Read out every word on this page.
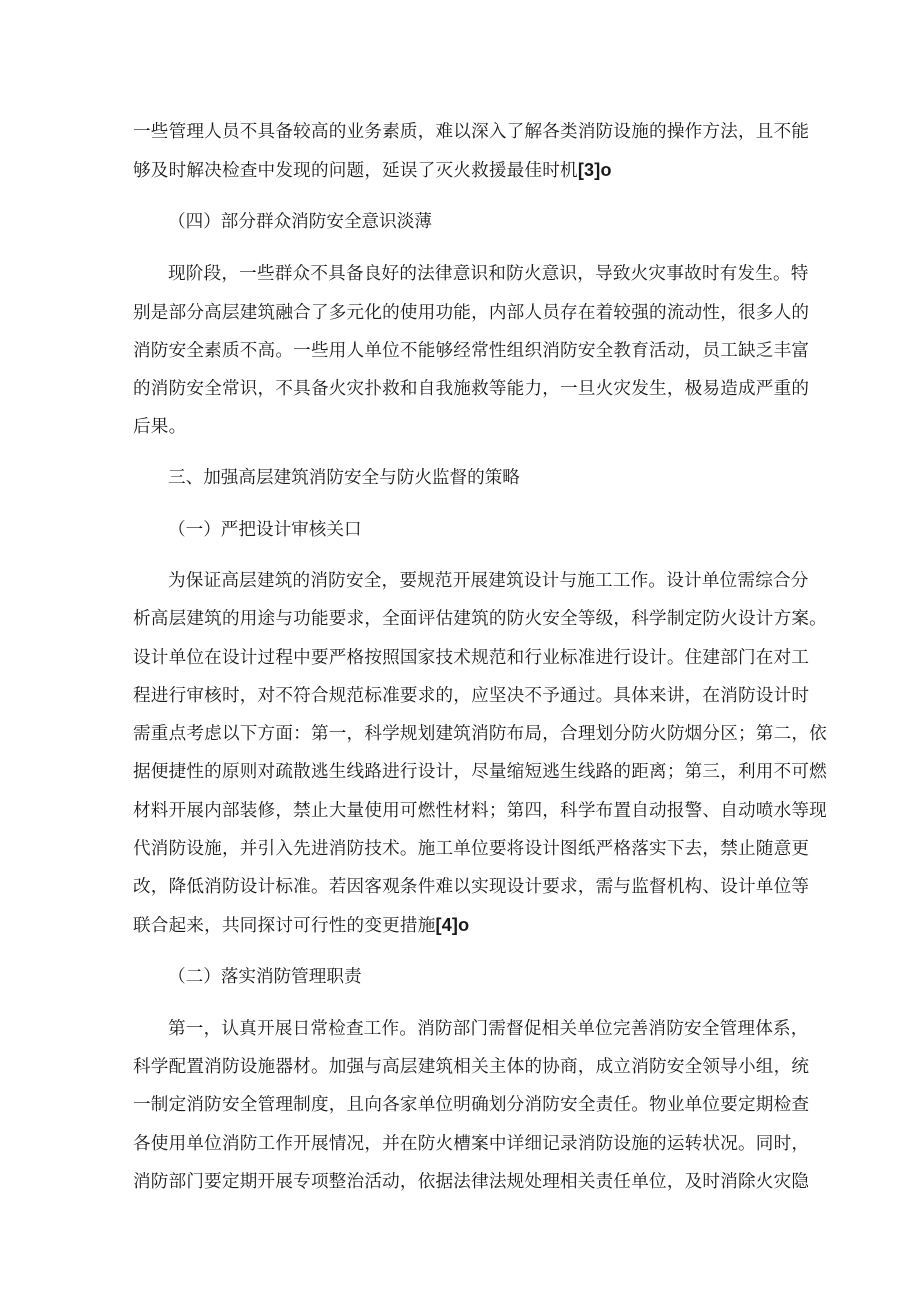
一些管理人员不具备较高的业务素质，难以深入了解各类消防设施的操作方法，且不能
够及时解决检查中发现的问题，延误了灭火救援最佳时机[3]o
（四）部分群众消防安全意识淡薄
现阶段，一些群众不具备良好的法律意识和防火意识，导致火灾事故时有发生。特
别是部分高层建筑融合了多元化的使用功能，内部人员存在着较强的流动性，很多人的
消防安全素质不高。一些用人单位不能够经常性组织消防安全教育活动，员工缺乏丰富
的消防安全常识，不具备火灾扑救和自我施救等能力，一旦火灾发生，极易造成严重的
后果。
三、加强高层建筑消防安全与防火监督的策略
（一）严把设计审核关口
为保证高层建筑的消防安全，要规范开展建筑设计与施工工作。设计单位需综合分
析高层建筑的用途与功能要求，全面评估建筑的防火安全等级，科学制定防火设计方案。
设计单位在设计过程中要严格按照国家技术规范和行业标准进行设计。住建部门在对工
程进行审核时，对不符合规范标准要求的，应坚决不予通过。具体来讲，在消防设计时
需重点考虑以下方面：第一，科学规划建筑消防布局，合理划分防火防烟分区；第二，依
据便捷性的原则对疏散逃生线路进行设计，尽量缩短逃生线路的距离；第三，利用不可燃
材料开展内部装修，禁止大量使用可燃性材料；第四，科学布置自动报警、自动喷水等现
代消防设施，并引入先进消防技术。施工单位要将设计图纸严格落实下去，禁止随意更
改，降低消防设计标准。若因客观条件难以实现设计要求，需与监督机构、设计单位等
联合起来，共同探讨可行性的变更措施[4]o
（二）落实消防管理职责
第一，认真开展日常检查工作。消防部门需督促相关单位完善消防安全管理体系，
科学配置消防设施器材。加强与高层建筑相关主体的协商，成立消防安全领导小组，统
一制定消防安全管理制度，且向各家单位明确划分消防安全责任。物业单位要定期检查
各使用单位消防工作开展情况，并在防火槽案中详细记录消防设施的运转状况。同时，
消防部门要定期开展专项整治活动，依据法律法规处理相关责任单位，及时消除火灾隐
